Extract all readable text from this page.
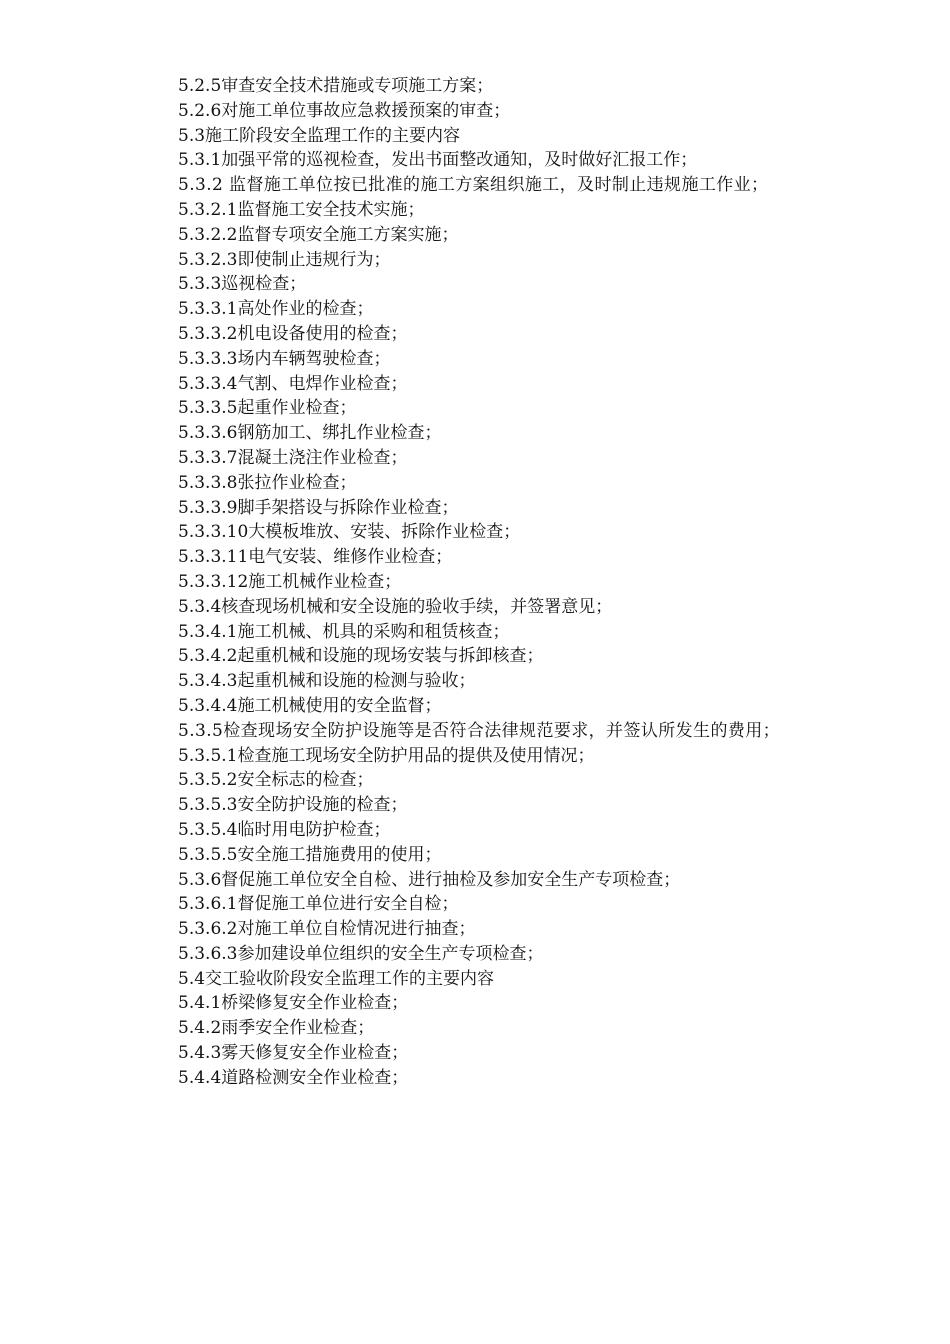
5.2.5审查安全技术措施或专项施工方案；

5.2.6对施工单位事故应急救援预案的审查；

5.3施工阶段安全监理工作的主要内容

5.3.1加强平常的巡视检查，发出书面整改通知，及时做好汇报工作；

5.3.2 监督施工单位按已批准的施工方案组织施工，及时制止违规施工作业；

5.3.2.1监督施工安全技术实施；

5.3.2.2监督专项安全施工方案实施；

5.3.2.3即使制止违规行为；

5.3.3巡视检查；

5.3.3.1高处作业的检查；

5.3.3.2机电设备使用的检查；

5.3.3.3场内车辆驾驶检查；

5.3.3.4气割、电焊作业检查；

5.3.3.5起重作业检查；

5.3.3.6钢筋加工、绑扎作业检查；

5.3.3.7混凝土浇注作业检查；

5.3.3.8张拉作业检查；

5.3.3.9脚手架搭设与拆除作业检查；

5.3.3.10大模板堆放、安装、拆除作业检查；

5.3.3.11电气安装、维修作业检查；

5.3.3.12施工机械作业检查；

5.3.4核查现场机械和安全设施的验收手续，并签署意见；

5.3.4.1施工机械、机具的采购和租赁核查；

5.3.4.2起重机械和设施的现场安装与拆卸核查；

5.3.4.3起重机械和设施的检测与验收；

5.3.4.4施工机械使用的安全监督；

5.3.5检查现场安全防护设施等是否符合法律规范要求，并签认所发生的费用；

5.3.5.1检查施工现场安全防护用品的提供及使用情况；

5.3.5.2安全标志的检查；

5.3.5.3安全防护设施的检查；

5.3.5.4临时用电防护检查；

5.3.5.5安全施工措施费用的使用；

5.3.6督促施工单位安全自检、进行抽检及参加安全生产专项检查；

5.3.6.1督促施工单位进行安全自检；

5.3.6.2对施工单位自检情况进行抽查；

5.3.6.3参加建设单位组织的安全生产专项检查；

5.4交工验收阶段安全监理工作的主要内容

5.4.1桥梁修复安全作业检查；

5.4.2雨季安全作业检查；

5.4.3雾天修复安全作业检查；

5.4.4道路检测安全作业检查；
